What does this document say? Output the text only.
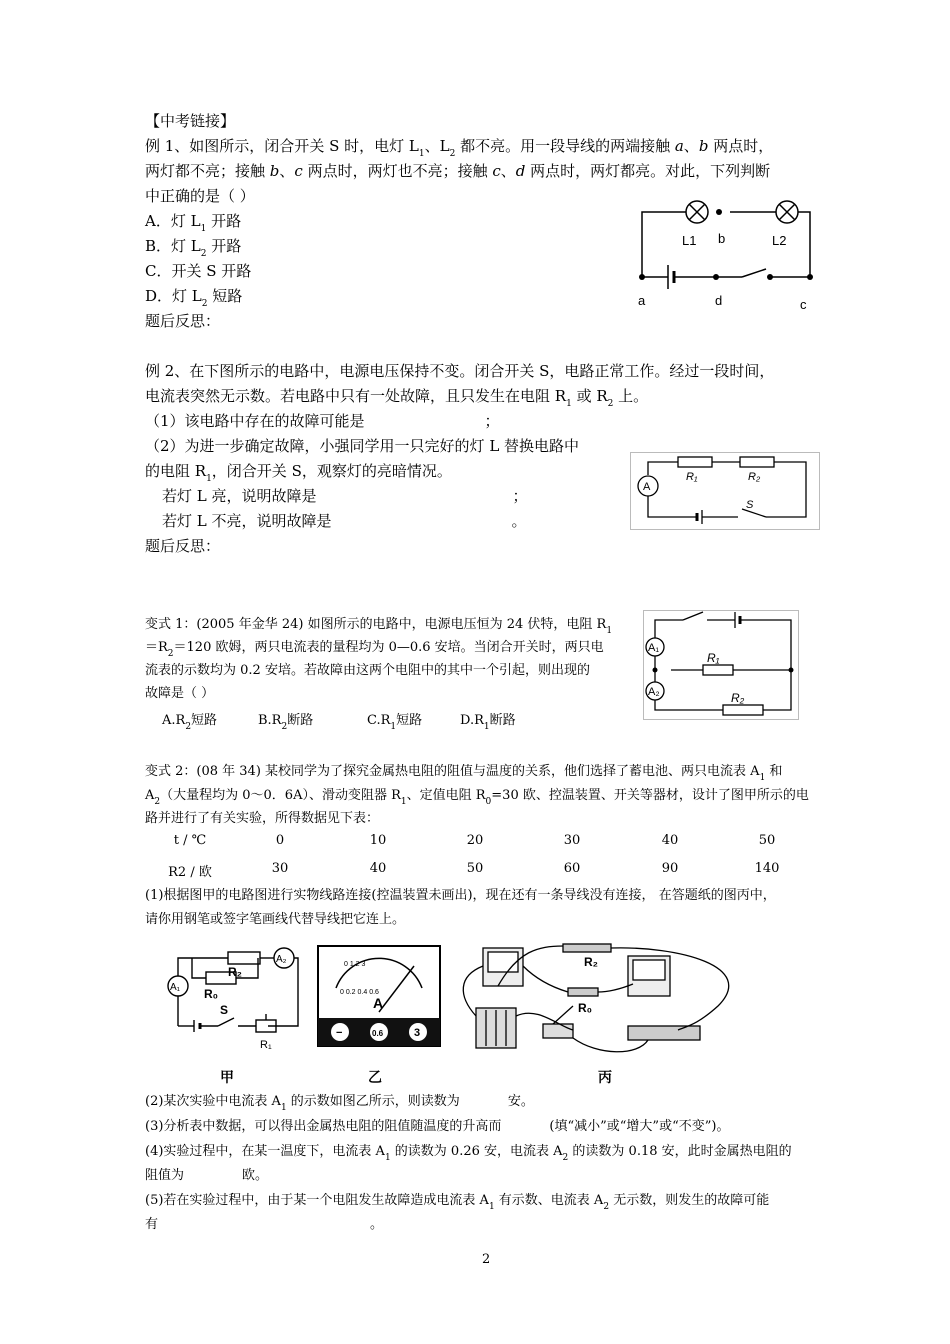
【中考链接】
例 1、如图所示，闭合开关 S 时，电灯 $L_1$、$L_2$ 都不亮。用一段导线的两端接触 a、b 两点时，
两灯都不亮；接触 b、c 两点时，两灯也不亮；接触 c、d 两点时，两灯都亮。对此，下列判断
中正确的是（ ）
A．灯 $L_1$ 开路
B．灯 $L_2$ 开路
C．开关 S 开路
D．灯 $L_2$ 短路
题后反思：
L1 b	L2
a	d	c
例 2、在下图所示的电路中，电源电压保持不变。闭合开关 S，电路正常工作。经过一段时间，
电流表突然无示数。若电路中只有一处故障，且只发生在电阻 $R_1$ 或 $R_2$ 上。
（1）该电路中存在的故障可能是	；
（2）为进一步确定故障，小强同学用一只完好的灯 L 替换电路中
的电阻 $R_1$，闭合开关 S，观察灯的亮暗情况。
若灯 L 亮，说明故障是	；
若灯 L 不亮，说明故障是	。
题后反思：
A
R₁	R₂
S
变式 1：(2005 年金华 24) 如图所示的电路中，电源电压恒为 24 伏特，电阻 $R_1$
$=R_2=120$ 欧姆，两只电流表的量程均为 0—0.6 安培。当闭合开关时，两只电
流表的示数均为 0.2 安培。若故障由这两个电阻中的其中一个引起，则出现的
故障是（ ）
$A.R_2$短路	$B.R_2$断路	$C.R_1$短路	$D.R_1$断路
A₁
A₂
R₁
R₂
变式 2：(08 年 34) 某校同学为了探究金属热电阻的阻值与温度的关系，他们选择了蓄电池、两只电流表 $A_1$ 和
$A_2$（大量程均为 0～0．6A）、滑动变阻器 $R_1$、定值电阻 $R_0=30$ 欧、控温装置、开关等器材，设计了图甲所示的电
路并进行了有关实验，所得数据见下表：
t / ℃	0	10	20	30	40	50
R2 / 欧	30	40	50	60	90	140
(1)根据图甲的电路图进行实物线路连接(控温装置未画出)，现在还有一条导线没有连接， 在答题纸的图丙中，
请你用钢笔或签字笔画线代替导线把它连上。
R₂
R₀
A₁
A₂
S
R₁
甲
0 1 2 3
0 0.2 0.4 0.6
A
−	0.6	3
乙
R₂
R₀
丙
(2)某次实验中电流表 $A_1$ 的示数如图乙所示，则读数为	安。
(3)分析表中数据，可以得出金属热电阻的阻值随温度的升高而	(填“减小”或“增大”或“不变”)。
(4)实验过程中，在某一温度下，电流表 $A_1$ 的读数为 0.26 安，电流表 $A_2$ 的读数为 0.18 安，此时金属热电阻的
阻值为	欧。
(5)若在实验过程中，由于某一个电阻发生故障造成电流表 $A_1$ 有示数、电流表 $A_2$ 无示数，则发生的故障可能
有	。
2
